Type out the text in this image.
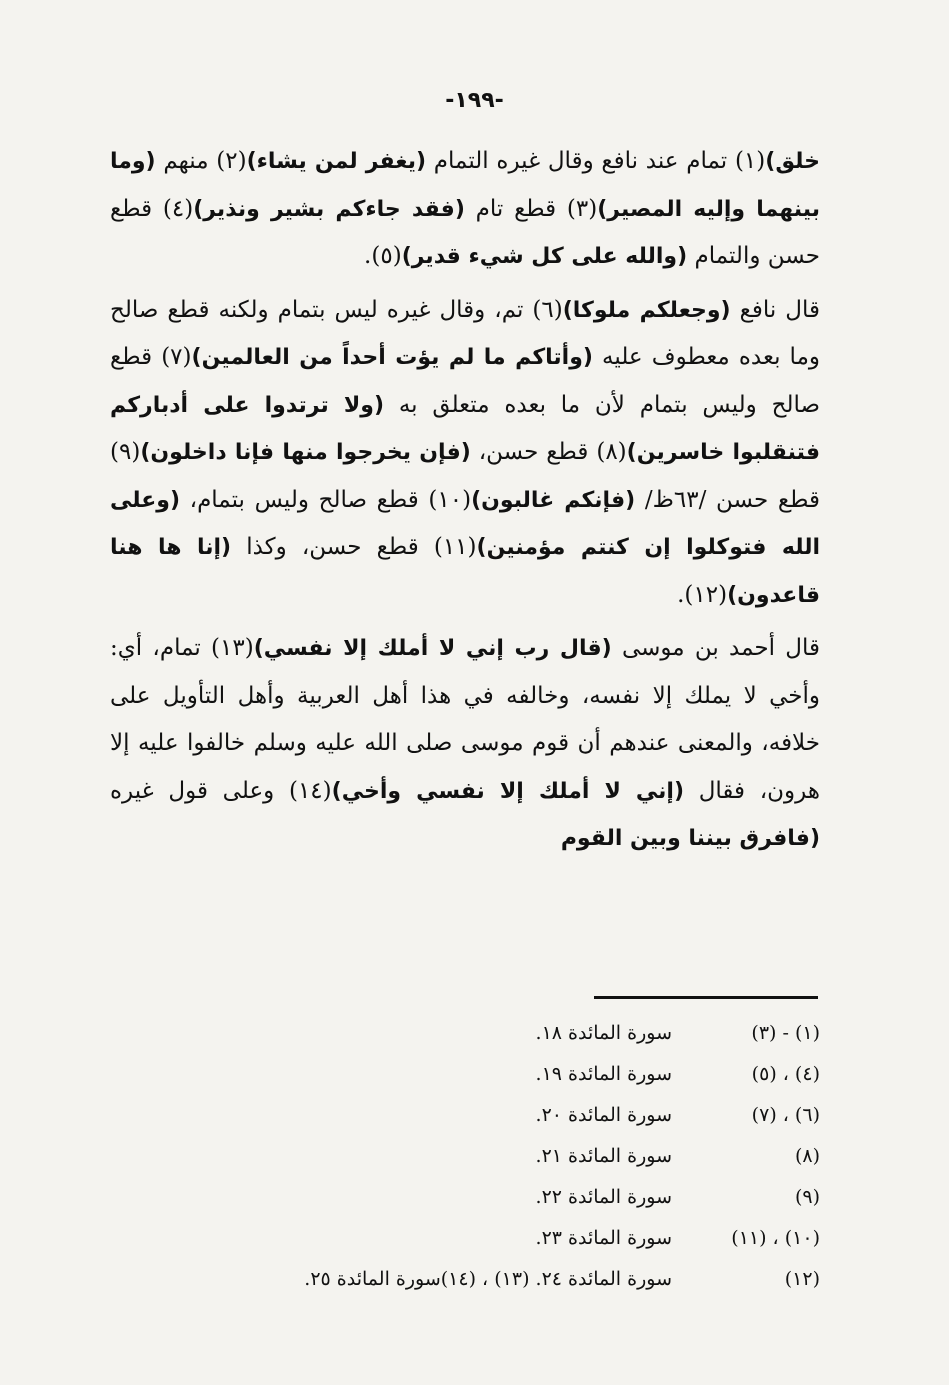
-١٩٩-

خلق)(١) تمام عند نافع وقال غيره التمام (يغفر لمن يشاء)(٢) منهم (وما بينهما وإليه المصير)(٣) قطع تام (فقد جاءكم بشير ونذير)(٤) قطع حسن والتمام (والله على كل شيء قدير)(٥).

قال نافع (وجعلكم ملوكا)(٦) تم، وقال غيره ليس بتمام ولكنه قطع صالح وما بعده معطوف عليه (وأتاكم ما لم يؤت أحداً من العالمين)(٧) قطع صالح وليس بتمام لأن ما بعده متعلق به (ولا ترتدوا على أدباركم فتنقلبوا خاسرين)(٨) قطع حسن، (فإن يخرجوا منها فإنا داخلون)(٩) قطع حسن /٦٣ظ/ (فإنكم غالبون)(١٠) قطع صالح وليس بتمام، (وعلى الله فتوكلوا إن كنتم مؤمنين)(١١) قطع حسن، وكذا (إنا ها هنا قاعدون)(١٢).

قال أحمد بن موسى (قال رب إني لا أملك إلا نفسي)(١٣) تمام، أي: وأخي لا يملك إلا نفسه، وخالفه في هذا أهل العربية وأهل التأويل على خلافه، والمعنى عندهم أن قوم موسى صلى الله عليه وسلم خالفوا عليه إلا هرون، فقال (إني لا أملك إلا نفسي وأخي)(١٤) وعلى قول غيره (فافرق بيننا وبين القوم

(١) - (٣)
سورة المائدة ١٨.
(٤) ، (٥)
سورة المائدة ١٩.
(٦) ، (٧)
سورة المائدة ٢٠.
(٨)
سورة المائدة ٢١.
(٩)
سورة المائدة ٢٢.
(١٠) ، (١١)
سورة المائدة ٢٣.
(١٢)
سورة المائدة ٢٤. (١٣) ، (١٤)سورة المائدة ٢٥.
